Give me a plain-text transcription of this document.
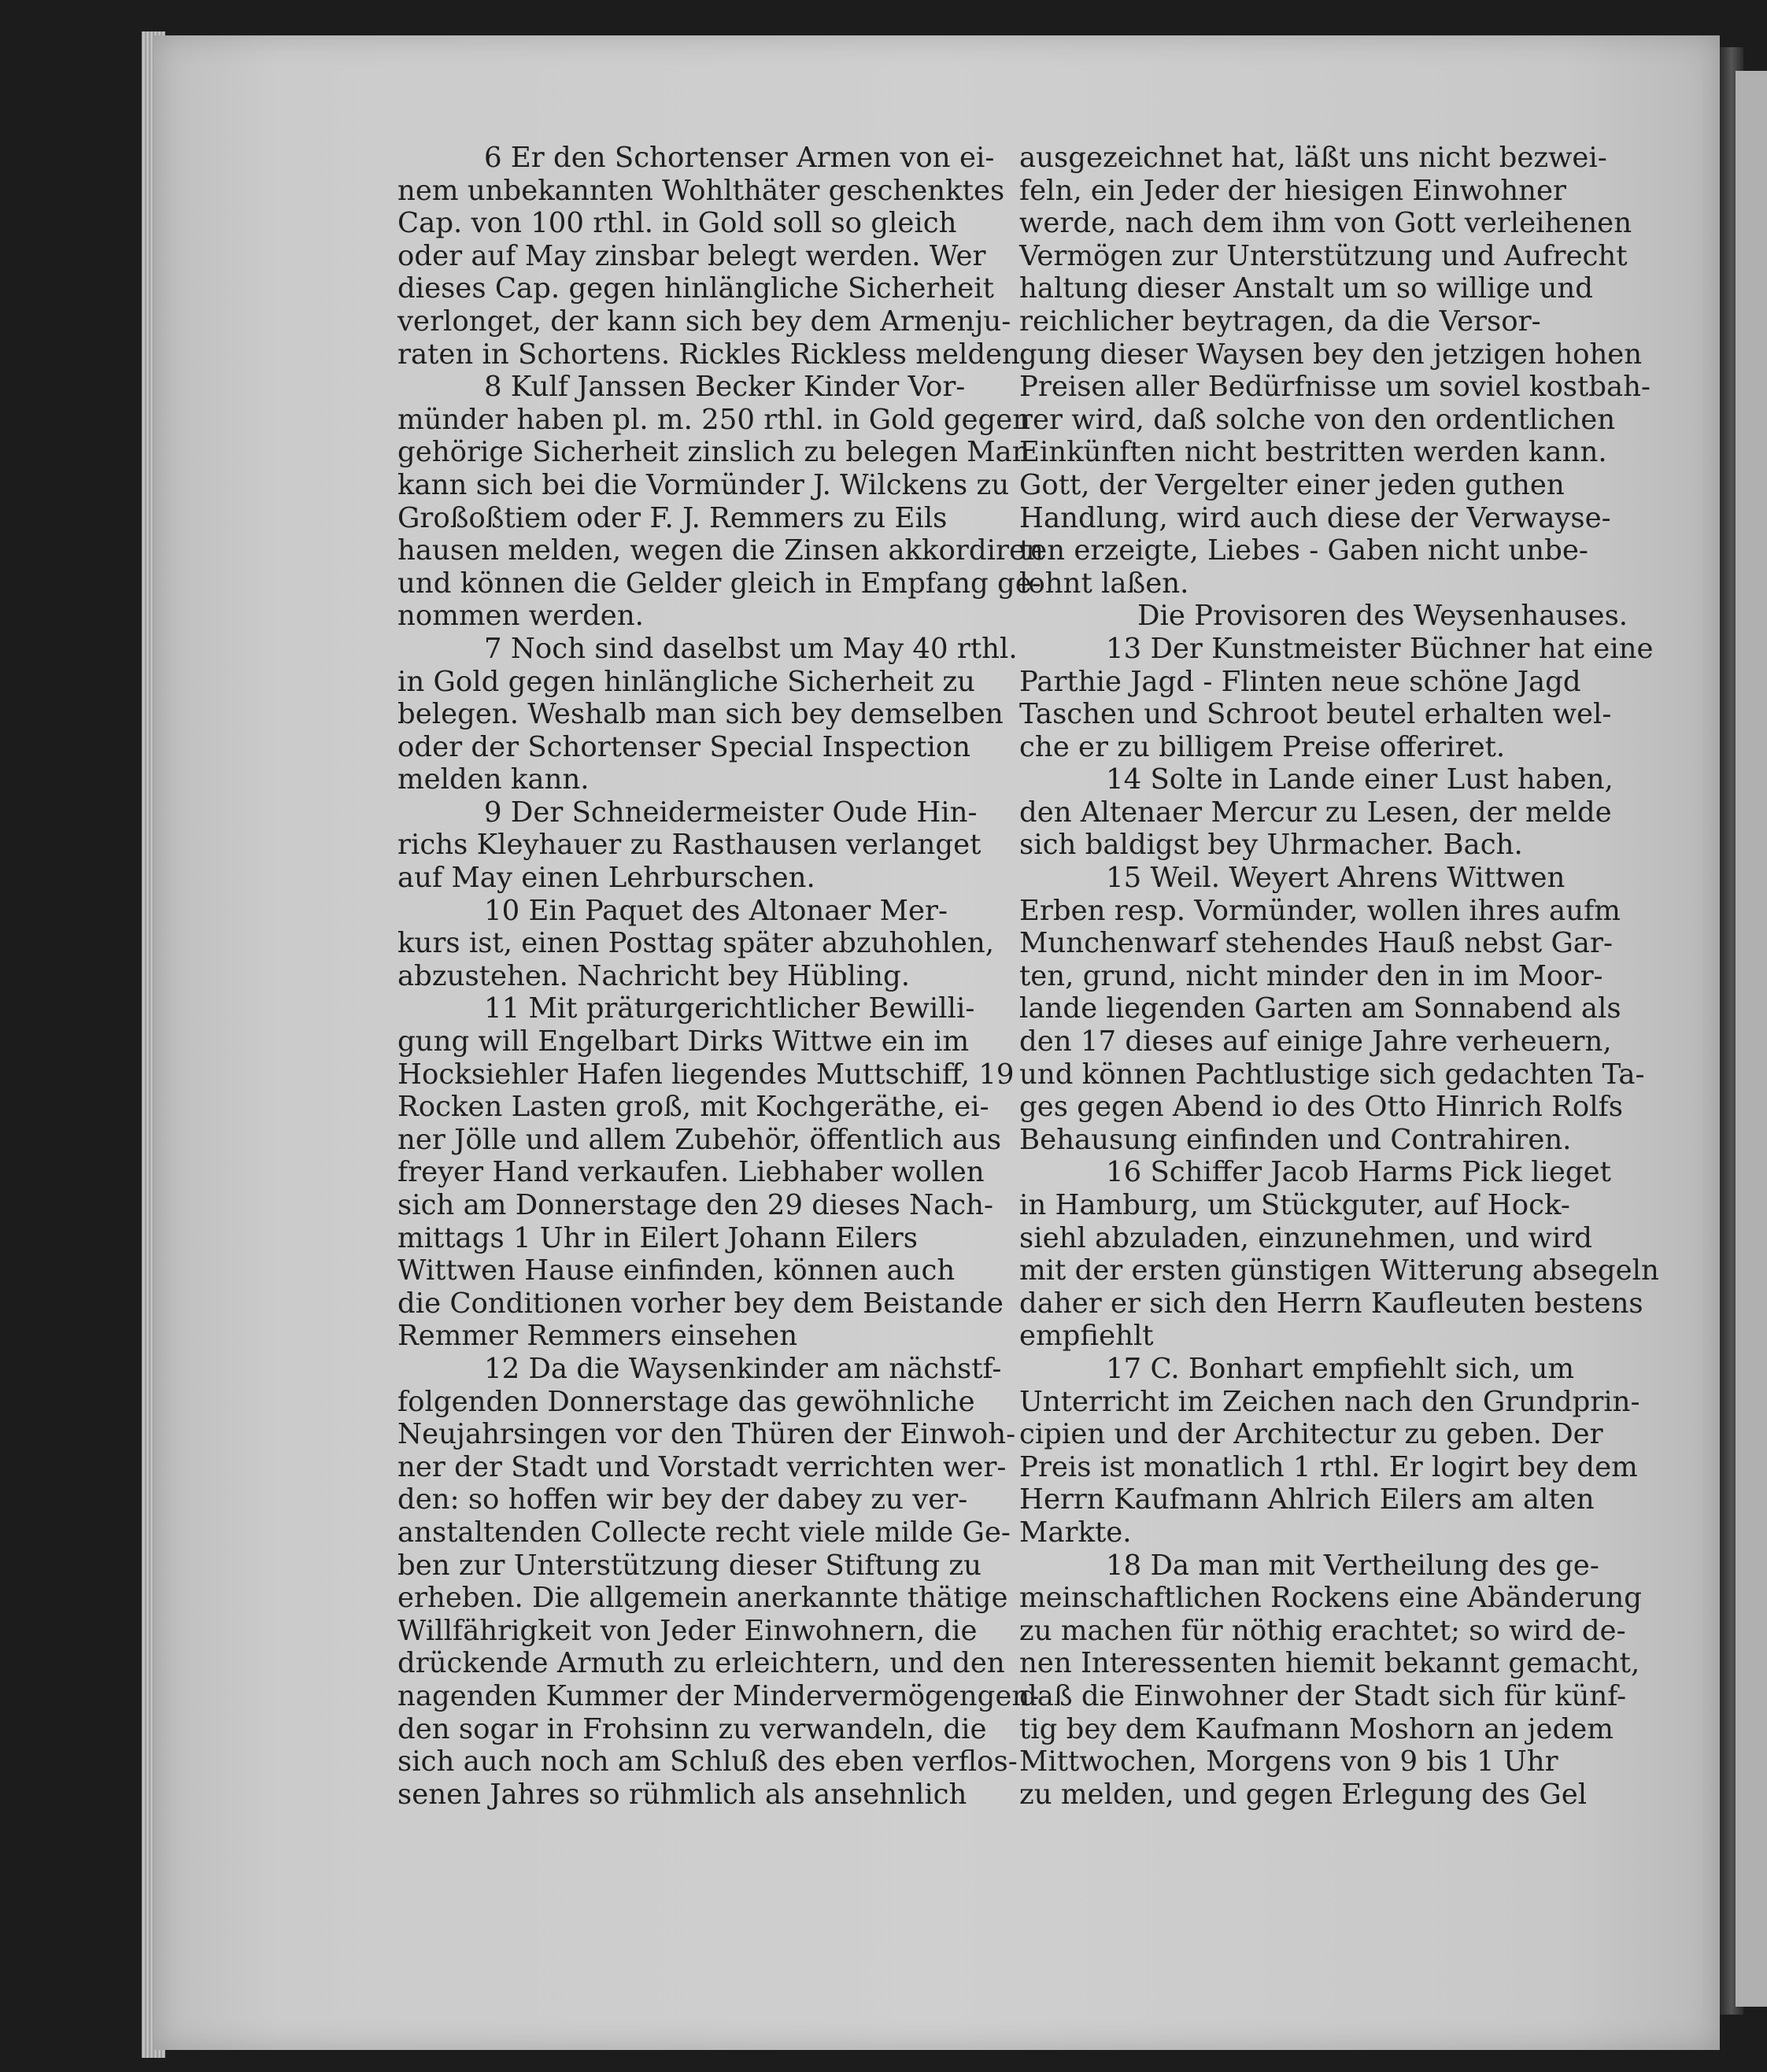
6 Er den Schortenser Armen von ei-
nem unbekannten Wohlthäter geschenktes
Cap. von 100 rthl. in Gold soll so gleich
oder auf May zinsbar belegt werden. Wer
dieses Cap. gegen hinlängliche Sicherheit
verlonget, der kann sich bey dem Armenju-
raten in Schortens. Rickles Rickless melden.
8 Kulf Janssen Becker Kinder Vor-
münder haben pl. m. 250 rthl. in Gold gegen
gehörige Sicherheit zinslich zu belegen Man
kann sich bei die Vormünder J. Wilckens zu
Großoßtiem oder F. J. Remmers zu Eils
hausen melden, wegen die Zinsen akkordiren
und können die Gelder gleich in Empfang ge-
nommen werden.
7 Noch sind daselbst um May 40 rthl.
in Gold gegen hinlängliche Sicherheit zu
belegen. Weshalb man sich bey demselben
oder der Schortenser Special Inspection
melden kann.
9 Der Schneidermeister Oude Hin-
richs Kleyhauer zu Rasthausen verlanget
auf May einen Lehrburschen.
10 Ein Paquet des Altonaer Mer-
kurs ist, einen Posttag später abzuhohlen,
abzustehen. Nachricht bey Hübling.
11 Mit präturgerichtlicher Bewilli-
gung will Engelbart Dirks Wittwe ein im
Hocksiehler Hafen liegendes Muttschiff, 19
Rocken Lasten groß, mit Kochgeräthe, ei-
ner Jölle und allem Zubehör, öffentlich aus
freyer Hand verkaufen. Liebhaber wollen
sich am Donnerstage den 29 dieses Nach-
mittags 1 Uhr in Eilert Johann Eilers
Wittwen Hause einfinden, können auch
die Conditionen vorher bey dem Beistande
Remmer Remmers einsehen
12 Da die Waysenkinder am nächstf-
folgenden Donnerstage das gewöhnliche
Neujahrsingen vor den Thüren der Einwoh-
ner der Stadt und Vorstadt verrichten wer-
den: so hoffen wir bey der dabey zu ver-
anstaltenden Collecte recht viele milde Ge-
ben zur Unterstützung dieser Stiftung zu
erheben. Die allgemein anerkannte thätige
Willfährigkeit von Jeder Einwohnern, die
drückende Armuth zu erleichtern, und den
nagenden Kummer der Mindervermögengen-
den sogar in Frohsinn zu verwandeln, die
sich auch noch am Schluß des eben verflos-
senen Jahres so rühmlich als ansehnlich
ausgezeichnet hat, läßt uns nicht bezwei-
feln, ein Jeder der hiesigen Einwohner
werde, nach dem ihm von Gott verleihenen
Vermögen zur Unterstützung und Aufrecht
haltung dieser Anstalt um so willige und
reichlicher beytragen, da die Versor-
gung dieser Waysen bey den jetzigen hohen
Preisen aller Bedürfnisse um soviel kostbah-
rer wird, daß solche von den ordentlichen
Einkünften nicht bestritten werden kann.
Gott, der Vergelter einer jeden guthen
Handlung, wird auch diese der Verwayse-
ten erzeigte, Liebes - Gaben nicht unbe-
lohnt laßen.
Die Provisoren des Weysenhauses.
13 Der Kunstmeister Büchner hat eine
Parthie Jagd - Flinten neue schöne Jagd
Taschen und Schroot beutel erhalten wel-
che er zu billigem Preise offeriret.
14 Solte in Lande einer Lust haben,
den Altenaer Mercur zu Lesen, der melde
sich baldigst bey Uhrmacher. Bach.
15 Weil. Weyert Ahrens Wittwen
Erben resp. Vormünder, wollen ihres aufm
Munchenwarf stehendes Hauß nebst Gar-
ten, grund, nicht minder den in im Moor-
lande liegenden Garten am Sonnabend als
den 17 dieses auf einige Jahre verheuern,
und können Pachtlustige sich gedachten Ta-
ges gegen Abend io des Otto Hinrich Rolfs
Behausung einfinden und Contrahiren.
16 Schiffer Jacob Harms Pick lieget
in Hamburg, um Stückguter, auf Hock-
siehl abzuladen, einzunehmen, und wird
mit der ersten günstigen Witterung absegeln
daher er sich den Herrn Kaufleuten bestens
empfiehlt
17 C. Bonhart empfiehlt sich, um
Unterricht im Zeichen nach den Grundprin-
cipien und der Architectur zu geben. Der
Preis ist monatlich 1 rthl. Er logirt bey dem
Herrn Kaufmann Ahlrich Eilers am alten
Markte.
18 Da man mit Vertheilung des ge-
meinschaftlichen Rockens eine Abänderung
zu machen für nöthig erachtet; so wird de-
nen Interessenten hiemit bekannt gemacht,
daß die Einwohner der Stadt sich für künf-
tig bey dem Kaufmann Moshorn an jedem
Mittwochen, Morgens von 9 bis 1 Uhr
zu melden, und gegen Erlegung des Gel
